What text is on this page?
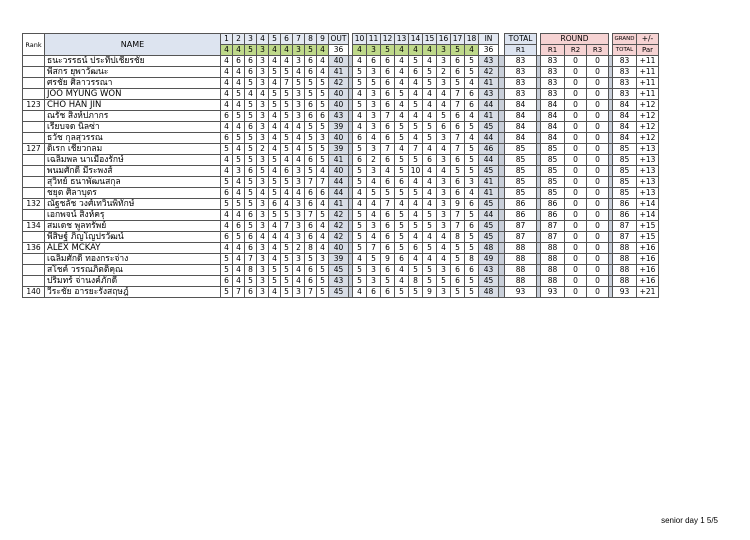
Rank	NAME	1	2	3	4	5	6	7	8	9	OUT		10	11	12	13	14	15	16	17	18	IN		TOTAL		ROUND				GRAND	+/-
		4	4	5	3	4	4	3	5	4	36		4	3	5	4	4	4	3	5	4	36		R1		R1	R2	R3		TOTAL	Par
	ธนะวรรธน์ ประทีปเชียรชัย	4	6	6	3	4	4	3	6	4	40		4	6	6	4	5	4	3	6	5	43		83		83	0	0		83	+11
	พีสกร ยุพาวัฒนะ	4	4	6	3	5	5	4	6	4	41		5	3	6	4	6	5	2	6	5	42		83		83	0	0		83	+11
	ศรชัย ศิลาวรรณา	4	4	5	3	4	7	5	5	5	42		5	5	6	4	4	5	3	5	4	41		83		83	0	0		83	+11
	JOO MYUNG WON	4	5	4	4	5	5	3	5	5	40		4	3	6	5	4	4	4	7	6	43		83		83	0	0		83	+11
123	CHO HAN JIN	4	4	5	3	5	5	3	6	5	40		5	3	6	4	5	4	4	7	6	44		84		84	0	0		84	+12
	ณรัช สิงห์ปภากร	6	5	5	3	4	5	3	6	6	43		4	3	7	4	4	4	5	6	4	41		84		84	0	0		84	+12
	เรียบจด นิลซ่า	4	4	6	3	4	4	4	5	5	39		4	3	6	5	5	5	6	6	5	45		84		84	0	0		84	+12
	ธวัช กุลสุวรรณ	6	5	5	3	4	5	4	5	3	40		6	4	6	5	4	5	3	7	4	44		84		84	0	0		84	+12
127	ดิเรก เชี่ยวกลม	5	4	5	2	4	5	4	5	5	39		5	3	7	4	7	4	4	7	5	46		85		85	0	0		85	+13
	เฉลิมพล นาเมืองรักษ์	4	5	5	3	5	4	4	6	5	41		6	2	6	5	5	6	3	6	5	44		85		85	0	0		85	+13
	พนมศักดิ์ มีระพงส์	4	3	6	5	4	6	3	5	4	40		5	3	4	5	10	4	4	5	5	45		85		85	0	0		85	+13
	สุวิทย์ ธนาพัฒนสกุล	5	4	5	3	5	5	3	7	7	44		5	4	6	6	4	4	3	6	3	41		85		85	0	0		85	+13
	ชยุต ศิลาบุตร	6	4	5	4	5	4	4	6	6	44		4	5	5	5	5	4	3	6	4	41		85		85	0	0		85	+13
132	ณัฐชลัช วงศ์เทวินพิทักษ์	5	5	5	3	6	4	3	6	4	41		4	4	7	4	4	4	3	9	6	45		86		86	0	0		86	+14
	เอกพจน์ สิงห์ครุ	4	4	6	3	5	5	3	7	5	42		5	4	6	5	4	5	3	7	5	44		86		86	0	0		86	+14
134	สมเดช พูลทรัพย์	4	6	5	3	4	7	3	6	4	42		5	3	6	5	5	5	3	7	6	45		87		87	0	0		87	+15
	พีสิษฐ์ ภิญโญปรวัฒน์	6	5	6	4	4	4	3	6	4	42		5	4	6	5	4	4	4	8	5	45		87		87	0	0		87	+15
136	ALEX MCKAY	4	4	6	3	4	5	2	8	4	40		5	7	6	5	6	5	4	5	5	48		88		88	0	0		88	+16
	เฉลิมศักดิ์ ทองกระจ่าง	5	4	7	3	4	5	3	5	3	39		4	5	9	6	4	4	4	5	8	49		88		88	0	0		88	+16
	สโชค์ วรรณภิตติคุณ	5	4	8	3	5	5	4	6	5	45		5	3	6	4	5	5	3	6	6	43		88		88	0	0		88	+16
	ปริมทร์ จ่านงค์ภักดี	6	4	5	3	5	5	4	6	5	43		5	3	5	4	8	5	5	6	5	45		88		88	0	0		88	+16
140	วีระชัย อารยะรังสฤษฎ์	5	7	6	3	4	5	3	7	5	45		4	6	6	5	5	9	3	5	5	48		93		93	0	0		93	+21
senior day 1 5/5
